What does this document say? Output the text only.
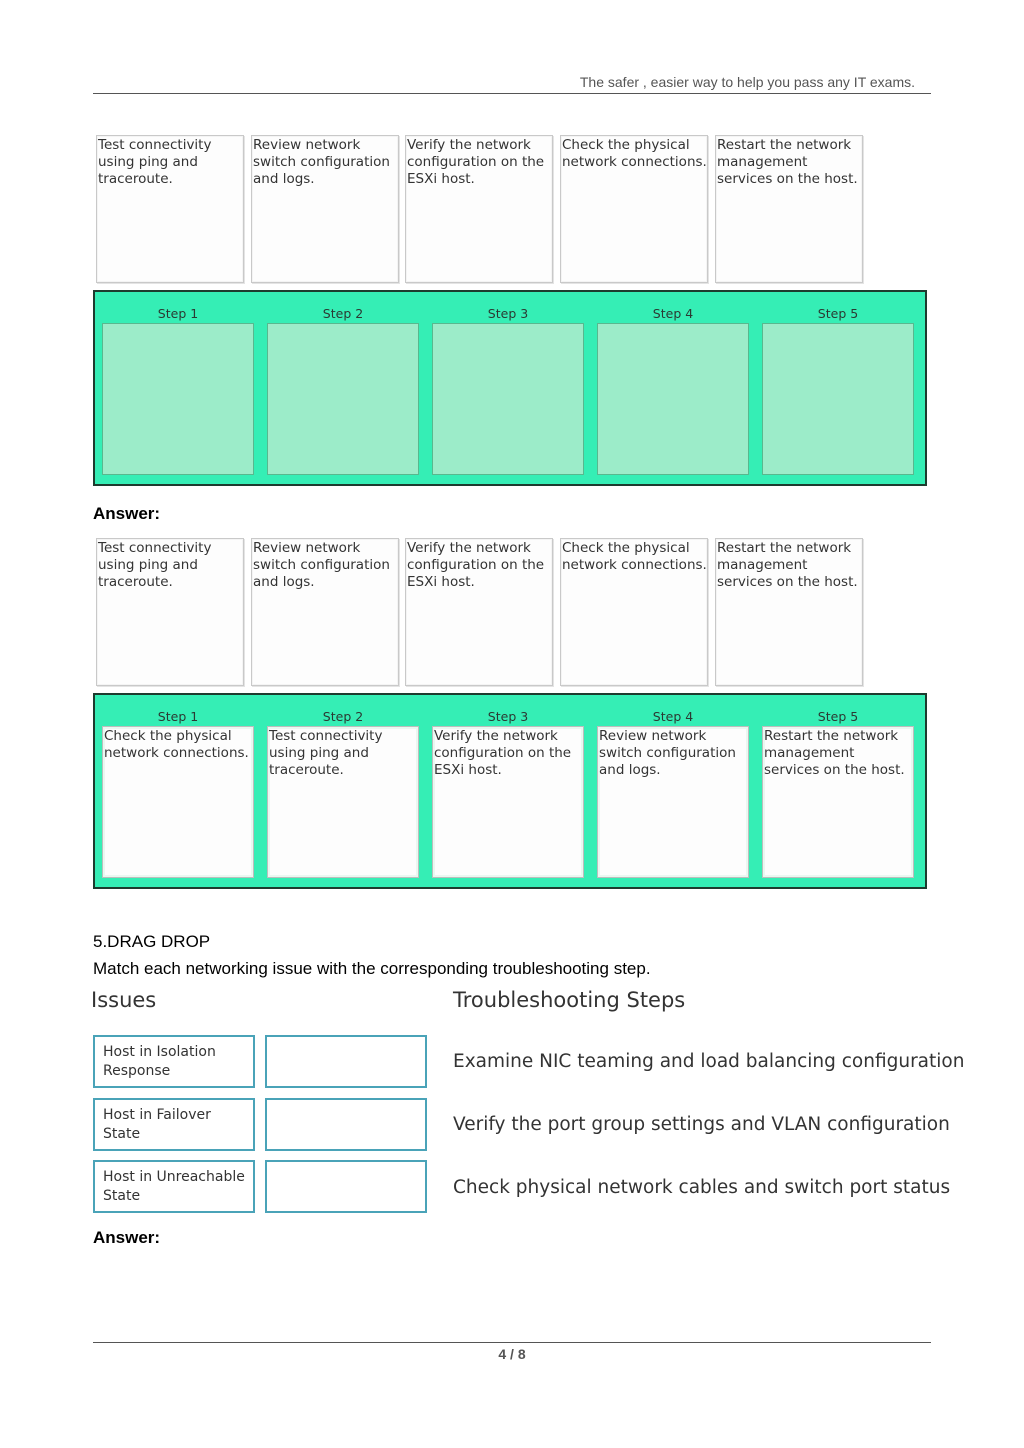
The safer , easier way to help you pass any IT exams.
Test connectivity using ping and traceroute.
Review network switch configuration and logs.
Verify the network configuration on the ESXi host.
Check the physical network connections.
Restart the network management services on the host.
Step 1	Step 2	Step 3	Step 4	Step 5
Answer:
Test connectivity using ping and traceroute.
Review network switch configuration and logs.
Verify the network configuration on the ESXi host.
Check the physical network connections.
Restart the network management services on the host.
Step 1	Step 2	Step 3	Step 4	Step 5
Check the physical network connections.
Test connectivity using ping and traceroute.
Verify the network configuration on the ESXi host.
Review network switch configuration and logs.
Restart the network management services on the host.
5.DRAG DROP
Match each networking issue with the corresponding troubleshooting step.
Issues	Troubleshooting Steps
Host in Isolation Response
Host in Failover State
Host in Unreachable State
Examine NIC teaming and load balancing configuration
Verify the port group settings and VLAN configuration
Check physical network cables and switch port status
Answer:
4 / 8
